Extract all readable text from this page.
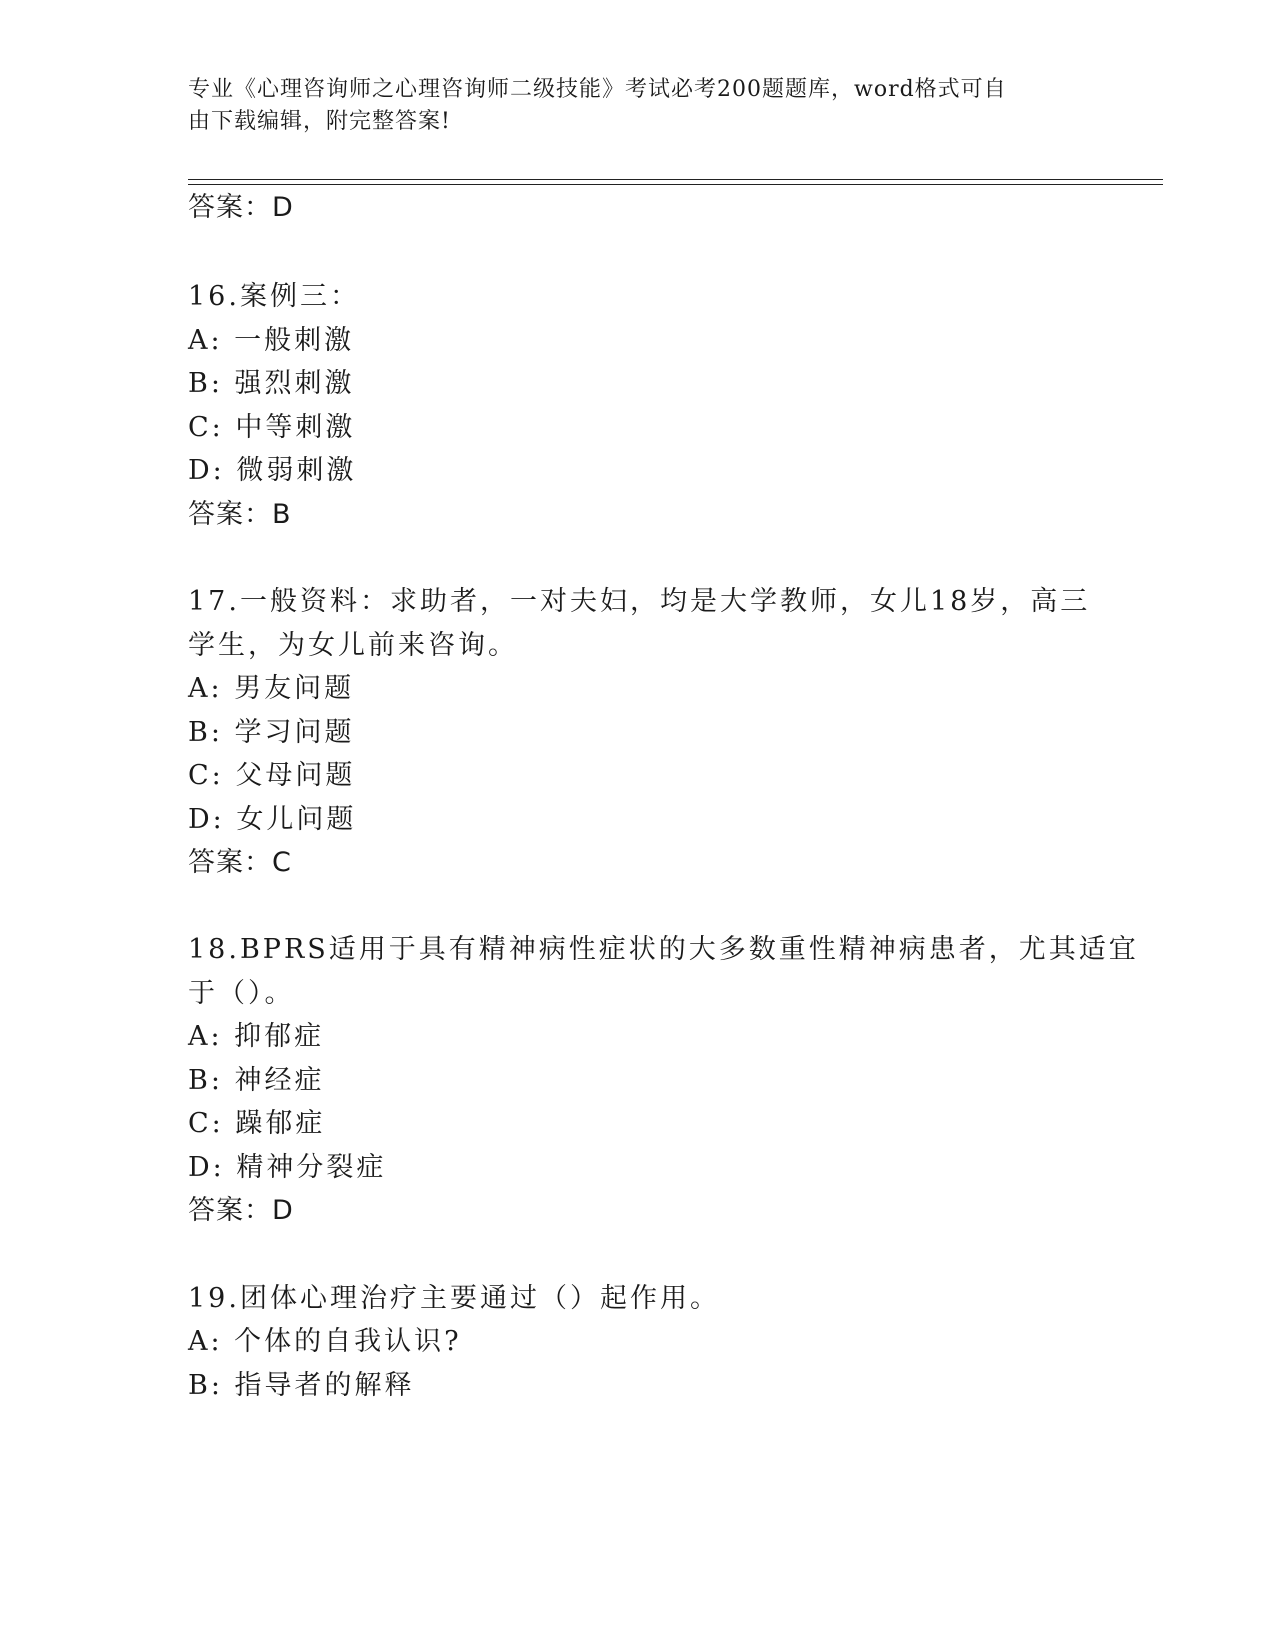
专业《心理咨询师之心理咨询师二级技能》考试必考200题题库，word格式可自
由下载编辑，附完整答案!
答案：D
16.案例三：
A: 一般刺激
B: 强烈刺激
C: 中等刺激
D: 微弱刺激
答案：B
17.一般资料：求助者，一对夫妇，均是大学教师，女儿18岁，高三
学生，为女儿前来咨询。
A: 男友问题
B: 学习问题
C: 父母问题
D: 女儿问题
答案：C
18.BPRS适用于具有精神病性症状的大多数重性精神病患者，尤其适宜
于（）。
A: 抑郁症
B: 神经症
C: 躁郁症
D: 精神分裂症
答案：D
19.团体心理治疗主要通过（）起作用。
A: 个体的自我认识?
B: 指导者的解释
